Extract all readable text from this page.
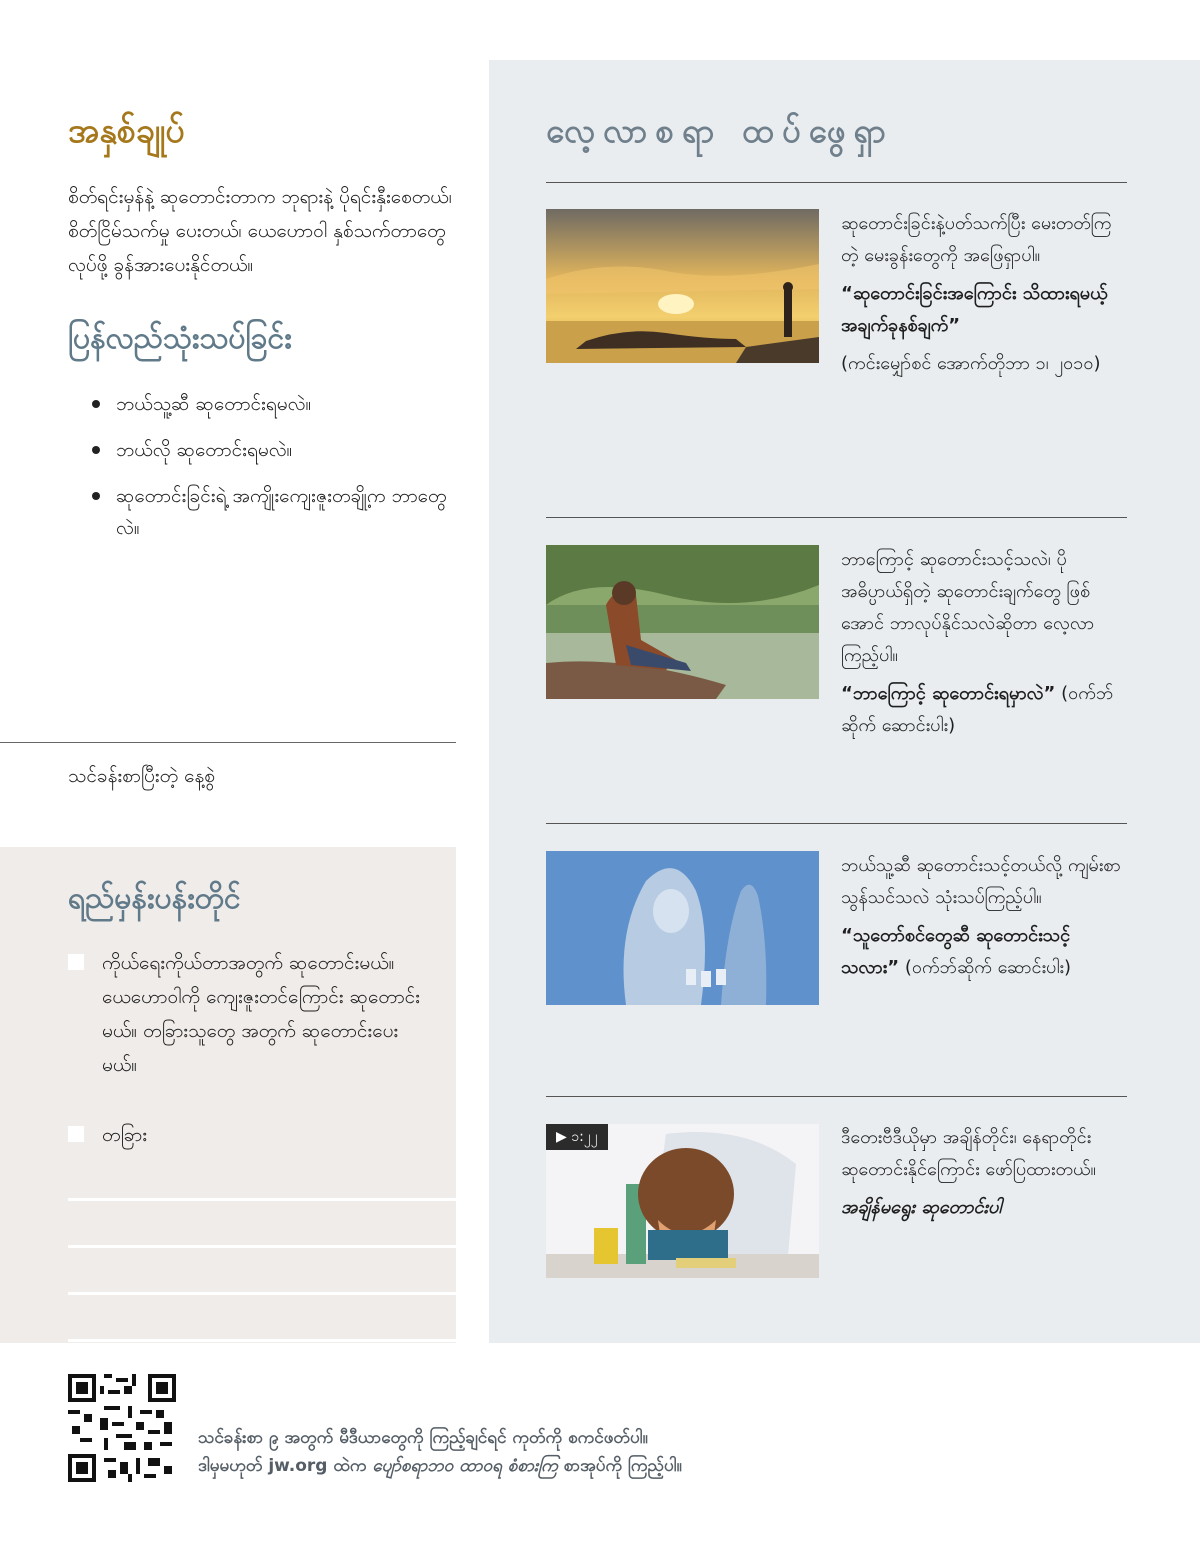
အနှစ်ချုပ်

စိတ်ရင်းမှန်နဲ့ ဆုတောင်းတာက ဘုရားနဲ့ ပိုရင်းနှီးစေတယ်၊ စိတ်ငြိမ်သက်မှု ပေးတယ်၊ ယေဟောဝါ နှစ်သက်တာတွေ လုပ်ဖို့ ခွန်အားပေးနိုင်တယ်။

ပြန်လည်သုံးသပ်ခြင်း
ဘယ်သူ့ဆီ ဆုတောင်းရမလဲ။
ဘယ်လို ဆုတောင်းရမလဲ။
ဆုတောင်းခြင်းရဲ့ အကျိုးကျေးဇူးတချို့က ဘာတွေလဲ။
သင်ခန်းစာပြီးတဲ့ နေ့စွဲ
ရည်မှန်းပန်းတိုင်
ကိုယ်ရေးကိုယ်တာအတွက် ဆုတောင်းမယ်။ ယေဟောဝါကို ကျေးဇူးတင်ကြောင်း ဆုတောင်းမယ်။ တခြားသူတွေ အတွက် ဆုတောင်းပေးမယ်။
တခြား
လေ့လာစရာ ထပ်ဖွေရှာ

ဆုတောင်းခြင်းနဲ့ပတ်သက်ပြီး မေးတတ်ကြတဲ့ မေးခွန်းတွေကို အဖြေရှာပါ။

“ဆုတောင်းခြင်းအကြောင်း သိထားရမယ့် အချက်ခုနစ်ချက်”

(ကင်းမျှော်စင် အောက်တိုဘာ ၁၊ ၂၀၁၀)

ဘာကြောင့် ဆုတောင်းသင့်သလဲ၊ ပိုအဓိပ္ပာယ်ရှိတဲ့ ဆုတောင်းချက်တွေ ဖြစ်အောင် ဘာလုပ်နိုင်သလဲဆိုတာ လေ့လာကြည့်ပါ။

“ဘာကြောင့် ဆုတောင်းရမှာလဲ” (ဝက်ဘ်ဆိုက် ဆောင်းပါး)

ဘယ်သူ့ဆီ ဆုတောင်းသင့်တယ်လို့ ကျမ်းစာ သွန်သင်သလဲ သုံးသပ်ကြည့်ပါ။

“သူတော်စင်တွေဆီ ဆုတောင်းသင့်သလား” (ဝက်ဘ်ဆိုက် ဆောင်းပါး)

▶ ၁:၂၂	ဒီတေးဗီဒီယိုမှာ အချိန်တိုင်း၊ နေရာတိုင်း ဆုတောင်းနိုင်ကြောင်း ဖော်ပြထားတယ်။

အချိန်မရွေး ဆုတောင်းပါ

သင်ခန်းစာ ၉ အတွက် မီဒီယာတွေကို ကြည့်ချင်ရင် ကုတ်ကို စကင်ဖတ်ပါ။
ဒါမှမဟုတ် jw.org ထဲက ပျော်စရာဘဝ ထာဝရ စံစားကြ စာအုပ်ကို ကြည့်ပါ။
